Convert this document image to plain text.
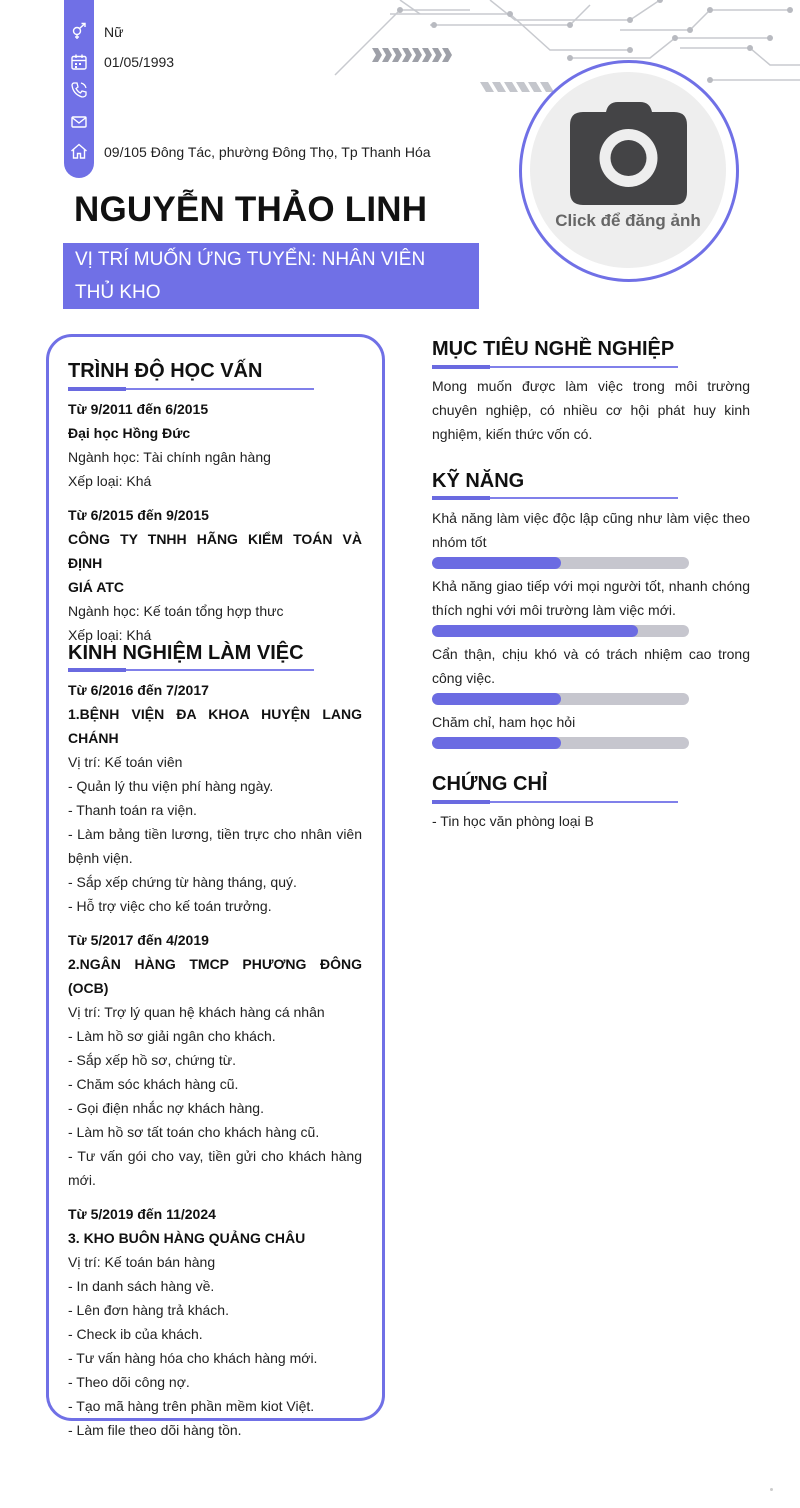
Nữ
01/05/1993
09/105 Đông Tác, phường Đông Thọ, Tp Thanh Hóa
NGUYỄN THẢO LINH
VỊ TRÍ MUỐN ỨNG TUYỂN: NHÂN VIÊN
THỦ KHO
Click để đăng ảnh
TRÌNH ĐỘ HỌC VẤN

Từ 9/2011 đến 6/2015

Đại học Hồng Đức

Ngành học: Tài chính ngân hàng

Xếp loại: Khá

Từ 6/2015 đến 9/2015

CÔNG TY TNHH HÃNG KIỂM TOÁN VÀ ĐỊNH

GIÁ ATC

Ngành học: Kế toán tổng hợp thưc

Xếp loại: Khá

KINH NGHIỆM LÀM VIỆC

Từ 6/2016 đến 7/2017

1.BỆNH VIỆN ĐA KHOA HUYỆN LANG CHÁNH

Vị trí: Kế toán viên

- Quản lý thu viện phí hàng ngày.

- Thanh toán ra viện.

- Làm bảng tiền lương, tiền trực cho nhân viên bệnh viện.

- Sắp xếp chứng từ hàng tháng, quý.

- Hỗ trợ việc cho kế toán trưởng.

Từ 5/2017 đến 4/2019

2.NGÂN HÀNG TMCP PHƯƠNG ĐÔNG (OCB)

Vị trí: Trợ lý quan hệ khách hàng cá nhân

- Làm hồ sơ giải ngân cho khách.

- Sắp xếp hồ sơ, chứng từ.

- Chăm sóc khách hàng cũ.

- Gọi điện nhắc nợ khách hàng.

- Làm hồ sơ tất toán cho khách hàng cũ.

- Tư vấn gói cho vay, tiền gửi cho khách hàng mới.

Từ 5/2019 đến 11/2024

3. KHO BUÔN HÀNG QUẢNG CHÂU

Vị trí: Kế toán bán hàng

- In danh sách hàng về.

- Lên đơn hàng trả khách.

- Check ib của khách.

- Tư vấn hàng hóa cho khách hàng mới.

- Theo dõi công nợ.

- Tạo mã hàng trên phần mềm kiot Việt.

- Làm file theo dõi hàng tồn.

MỤC TIÊU NGHỀ NGHIỆP
Mong muốn được làm việc trong môi trường chuyên nghiệp, có nhiều cơ hội phát huy kinh nghiệm, kiến thức vốn có.
KỸ NĂNG
Khả năng làm việc độc lập cũng như làm việc theo nhóm tốt
Khả năng giao tiếp với mọi người tốt, nhanh chóng thích nghi với môi trường làm việc mới.
Cẩn thận, chịu khó và có trách nhiệm cao trong công việc.
Chăm chỉ, ham học hỏi
CHỨNG CHỈ
- Tin học văn phòng loại B
